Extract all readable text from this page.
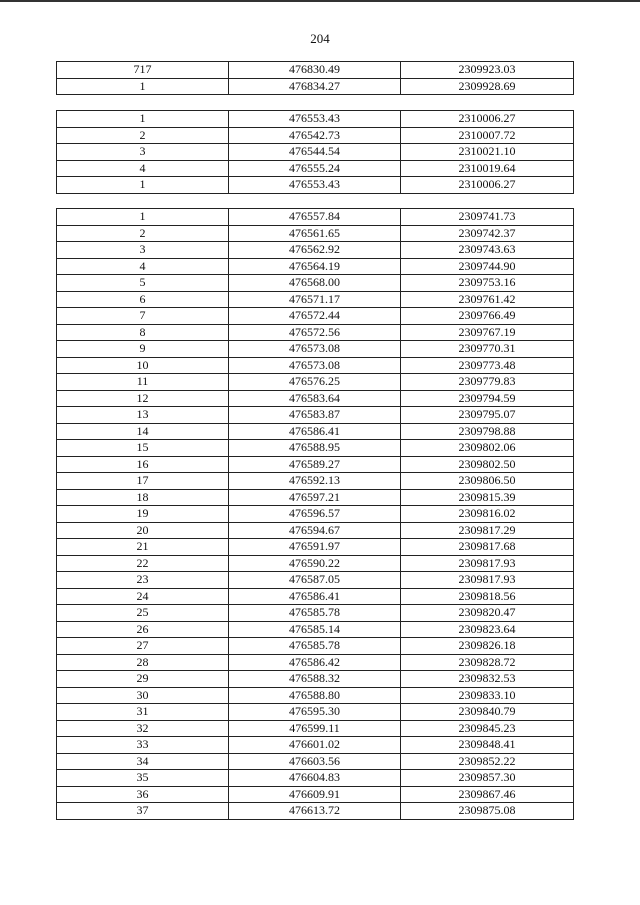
204
717	476830.49	2309923.03
1	476834.27	2309928.69
1	476553.43	2310006.27
2	476542.73	2310007.72
3	476544.54	2310021.10
4	476555.24	2310019.64
1	476553.43	2310006.27
1	476557.84	2309741.73
2	476561.65	2309742.37
3	476562.92	2309743.63
4	476564.19	2309744.90
5	476568.00	2309753.16
6	476571.17	2309761.42
7	476572.44	2309766.49
8	476572.56	2309767.19
9	476573.08	2309770.31
10	476573.08	2309773.48
11	476576.25	2309779.83
12	476583.64	2309794.59
13	476583.87	2309795.07
14	476586.41	2309798.88
15	476588.95	2309802.06
16	476589.27	2309802.50
17	476592.13	2309806.50
18	476597.21	2309815.39
19	476596.57	2309816.02
20	476594.67	2309817.29
21	476591.97	2309817.68
22	476590.22	2309817.93
23	476587.05	2309817.93
24	476586.41	2309818.56
25	476585.78	2309820.47
26	476585.14	2309823.64
27	476585.78	2309826.18
28	476586.42	2309828.72
29	476588.32	2309832.53
30	476588.80	2309833.10
31	476595.30	2309840.79
32	476599.11	2309845.23
33	476601.02	2309848.41
34	476603.56	2309852.22
35	476604.83	2309857.30
36	476609.91	2309867.46
37	476613.72	2309875.08
